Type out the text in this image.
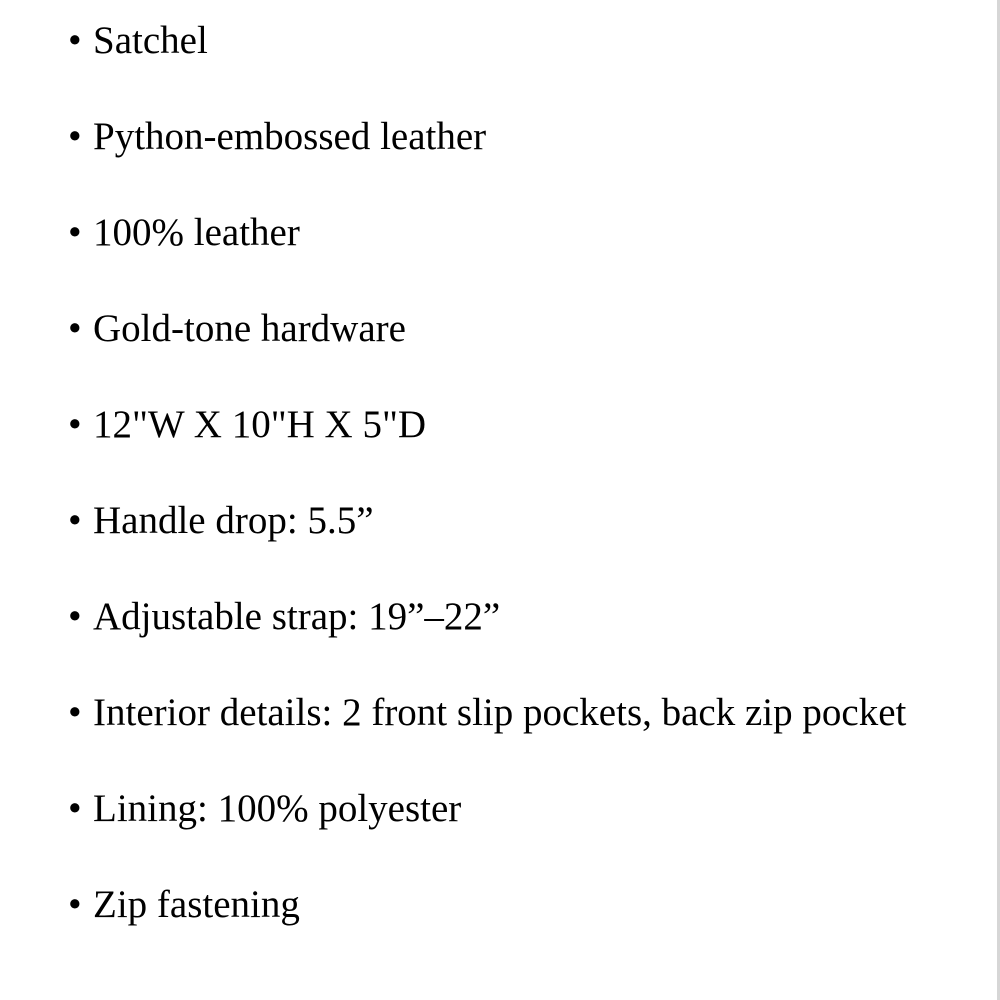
• Satchel
• Python-embossed leather
• 100% leather
• Gold-tone hardware
• 12"W X 10"H X 5"D
• Handle drop: 5.5”
• Adjustable strap: 19”–22”
• Interior details: 2 front slip pockets, back zip pocket
• Lining: 100% polyester
• Zip fastening
